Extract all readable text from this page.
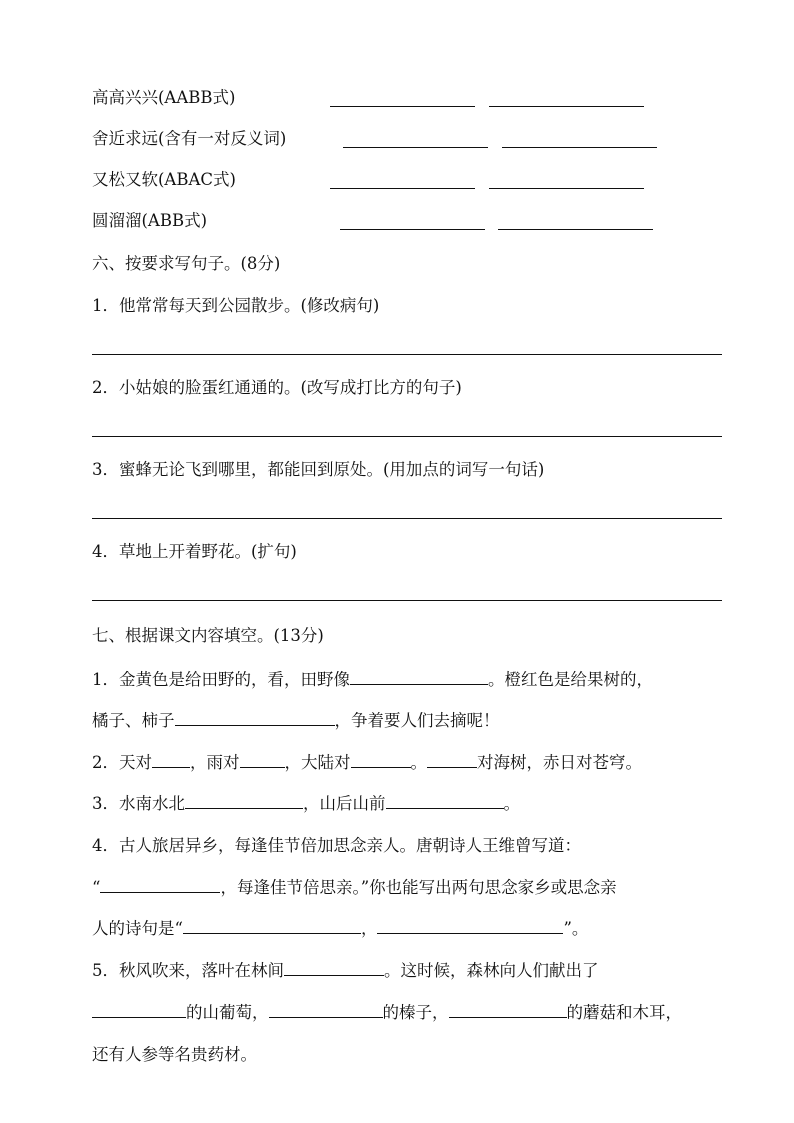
高高兴兴(AABB式)
舍近求远(含有一对反义词)
又松又软(ABAC式)
圆溜溜(ABB式)
六、按要求写句子。(8分)
1．他常常每天到公园散步。(修改病句)
2．小姑娘的脸蛋红通通的。(改写成打比方的句子)
3．蜜蜂无论飞到哪里，都能回到原处。(用加点的词写一句话)
4．草地上开着野花。(扩句)
七、根据课文内容填空。(13分)
1．金黄色是给田野的，看，田野像	。橙红色是给果树的，
橘子、柿子	，争着要人们去摘呢！
2．天对 ，雨对	，大陆对	。	对海树，赤日对苍穹。
3．水南水北	，山后山前	。
4．古人旅居异乡，每逢佳节倍加思念亲人。唐朝诗人王维曾写道：
“	，每逢佳节倍思亲。”你也能写出两句思念家乡或思念亲
人的诗句是“	，	”。
5．秋风吹来，落叶在林间	。这时候，森林向人们献出了
的山葡萄，	的榛子，	的蘑菇和木耳，
还有人参等名贵药材。
